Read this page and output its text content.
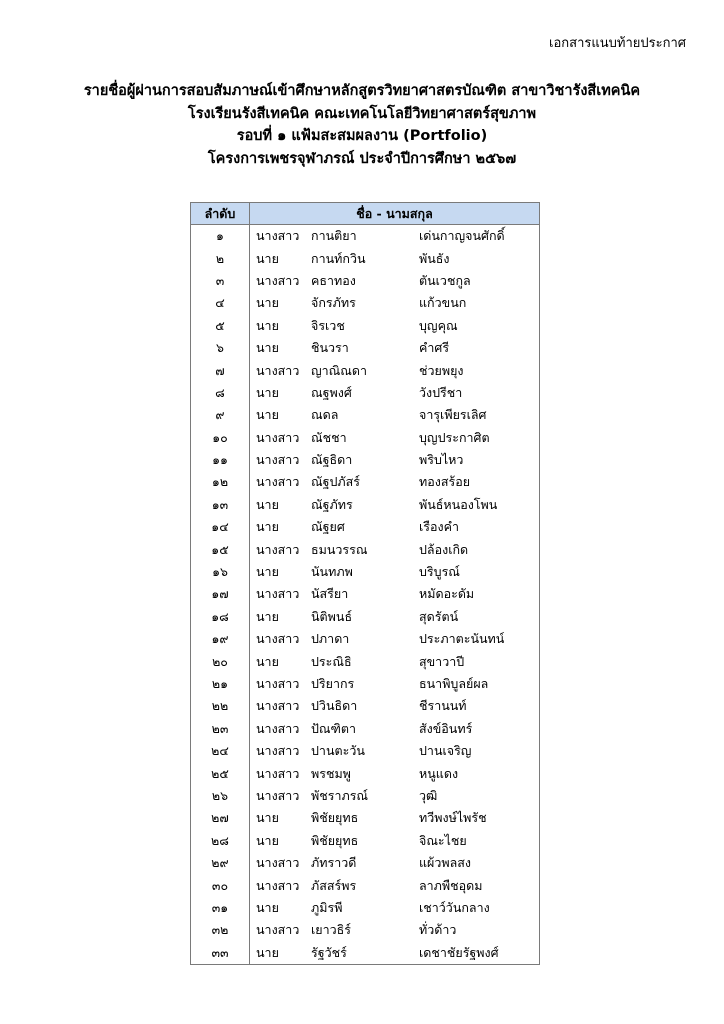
เอกสารแนบท้ายประกาศ
รายชื่อผู้ผ่านการสอบสัมภาษณ์เข้าศึกษาหลักสูตรวิทยาศาสตรบัณฑิต สาขาวิชารังสีเทคนิค
โรงเรียนรังสีเทคนิค คณะเทคโนโลยีวิทยาศาสตร์สุขภาพ
รอบที่ ๑ แฟ้มสะสมผลงาน (Portfolio)
โครงการเพชรจุฬาภรณ์ ประจำปีการศึกษา ๒๕๖๗
ลำดับ	ชื่อ - นามสกุล
๑	นางสาว กานติยา เด่นกาญจนศักดิ์

๒	นาย กานท์กวิน พันธัง

๓	นางสาว คธาทอง ตันเวชกูล

๔	นาย จักรภัทร แก้วขนก

๕	นาย จิรเวช บุญคุณ

๖	นาย ชินวรา คำศรี

๗	นางสาว ญาณิณดา ช่วยพยุง

๘	นาย ณฐพงศ์ วังปรีชา

๙	นาย ณดล จารุเพียรเลิศ

๑๐	นางสาว ณัชชา บุญประกาศิต

๑๑	นางสาว ณัฐธิดา พริบไหว

๑๒	นางสาว ณัฐปภัสร์ ทองสร้อย

๑๓	นาย ณัฐภัทร พันธ์หนองโพน

๑๔	นาย ณัฐยศ เรืองคำ

๑๕	นางสาว ธมนวรรณ ปล้องเกิด

๑๖	นาย นันทภพ บริบูรณ์

๑๗	นางสาว นัสรียา หมัดอะดัม

๑๘	นาย นิติพนธ์ สุดรัตน์

๑๙	นางสาว ปภาดา ประภาตะนันทน์

๒๐	นาย ประณิธิ สุขาวาปี

๒๑	นางสาว ปริยากร ธนาพิบูลย์ผล

๒๒	นางสาว ปวินธิดา ชีรานนท์

๒๓	นางสาว ปัณฑิตา สังข์อินทร์

๒๔	นางสาว ปานตะวัน ปานเจริญ

๒๕	นางสาว พรชมพู หนูแดง

๒๖	นางสาว พัชราภรณ์ วุฒิ

๒๗	นาย พิชัยยุทธ ทวีพงษ์ไพรัช

๒๘	นาย พิชัยยุทธ จิณะไชย

๒๙	นางสาว ภัทราวดี แผ้วพลสง

๓๐	นางสาว ภัสสร์พร ลาภพืชอุดม

๓๑	นาย ภูมิรพี เชาว์วันกลาง

๓๒	นางสาว เยาวธิร์ ทั่วด้าว

๓๓	นาย รัฐวัชร์ เดชาชัยรัฐพงศ์
